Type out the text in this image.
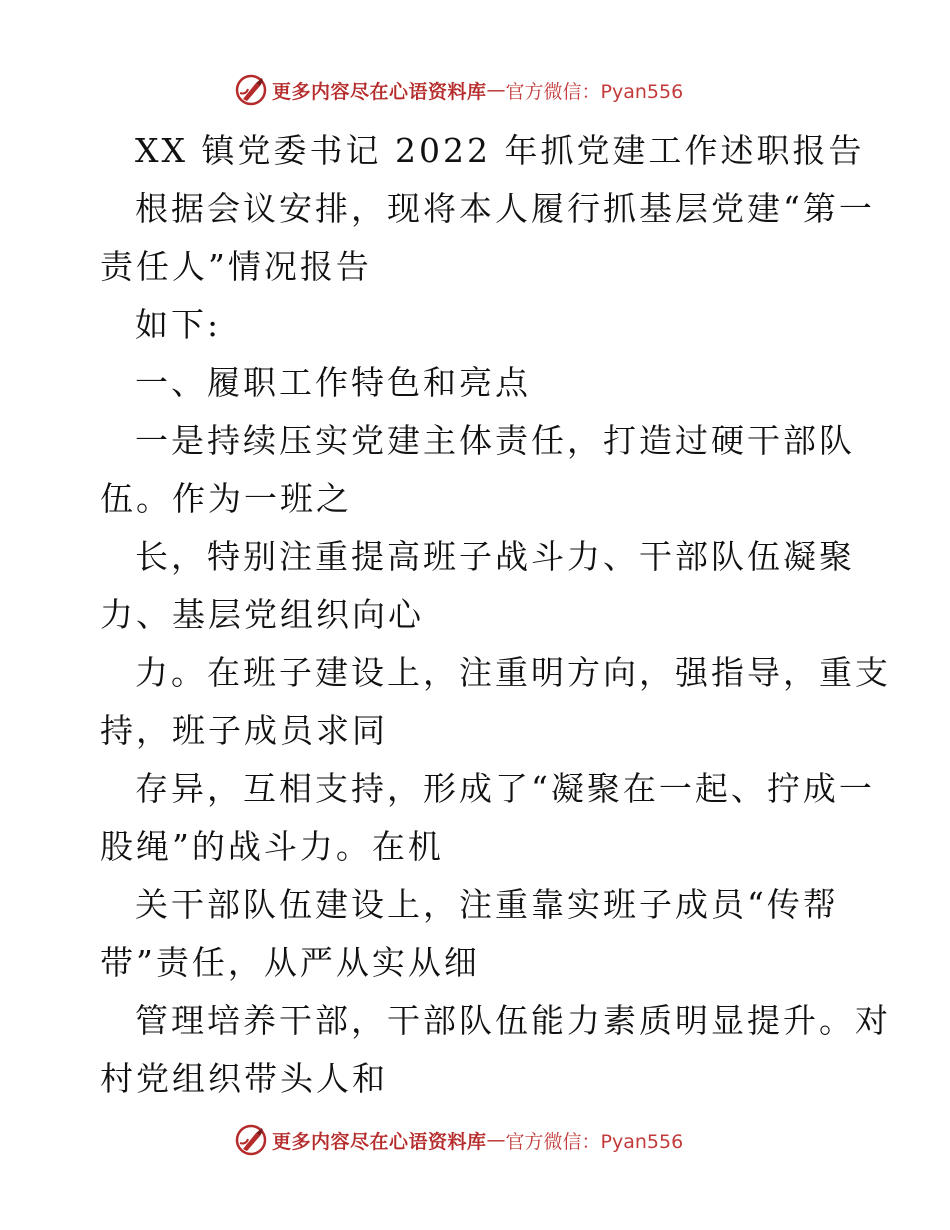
更多内容尽在心语资料库 — 官方微信：Pyan556
XX 镇党委书记 2022 年抓党建工作述职报告
根据会议安排，现将本人履行抓基层党建“第一
责任人”情况报告
如下:
一、履职工作特色和亮点
一是持续压实党建主体责任，打造过硬干部队
伍。作为一班之
长，特别注重提高班子战斗力、干部队伍凝聚
力、基层党组织向心
力。在班子建设上，注重明方向，强指导，重支
持，班子成员求同
存异，互相支持，形成了“凝聚在一起、拧成一
股绳”的战斗力。在机
关干部队伍建设上，注重靠实班子成员“传帮
带”责任，从严从实从细
管理培养干部，干部队伍能力素质明显提升。对
村党组织带头人和
更多内容尽在心语资料库 — 官方微信：Pyan556
